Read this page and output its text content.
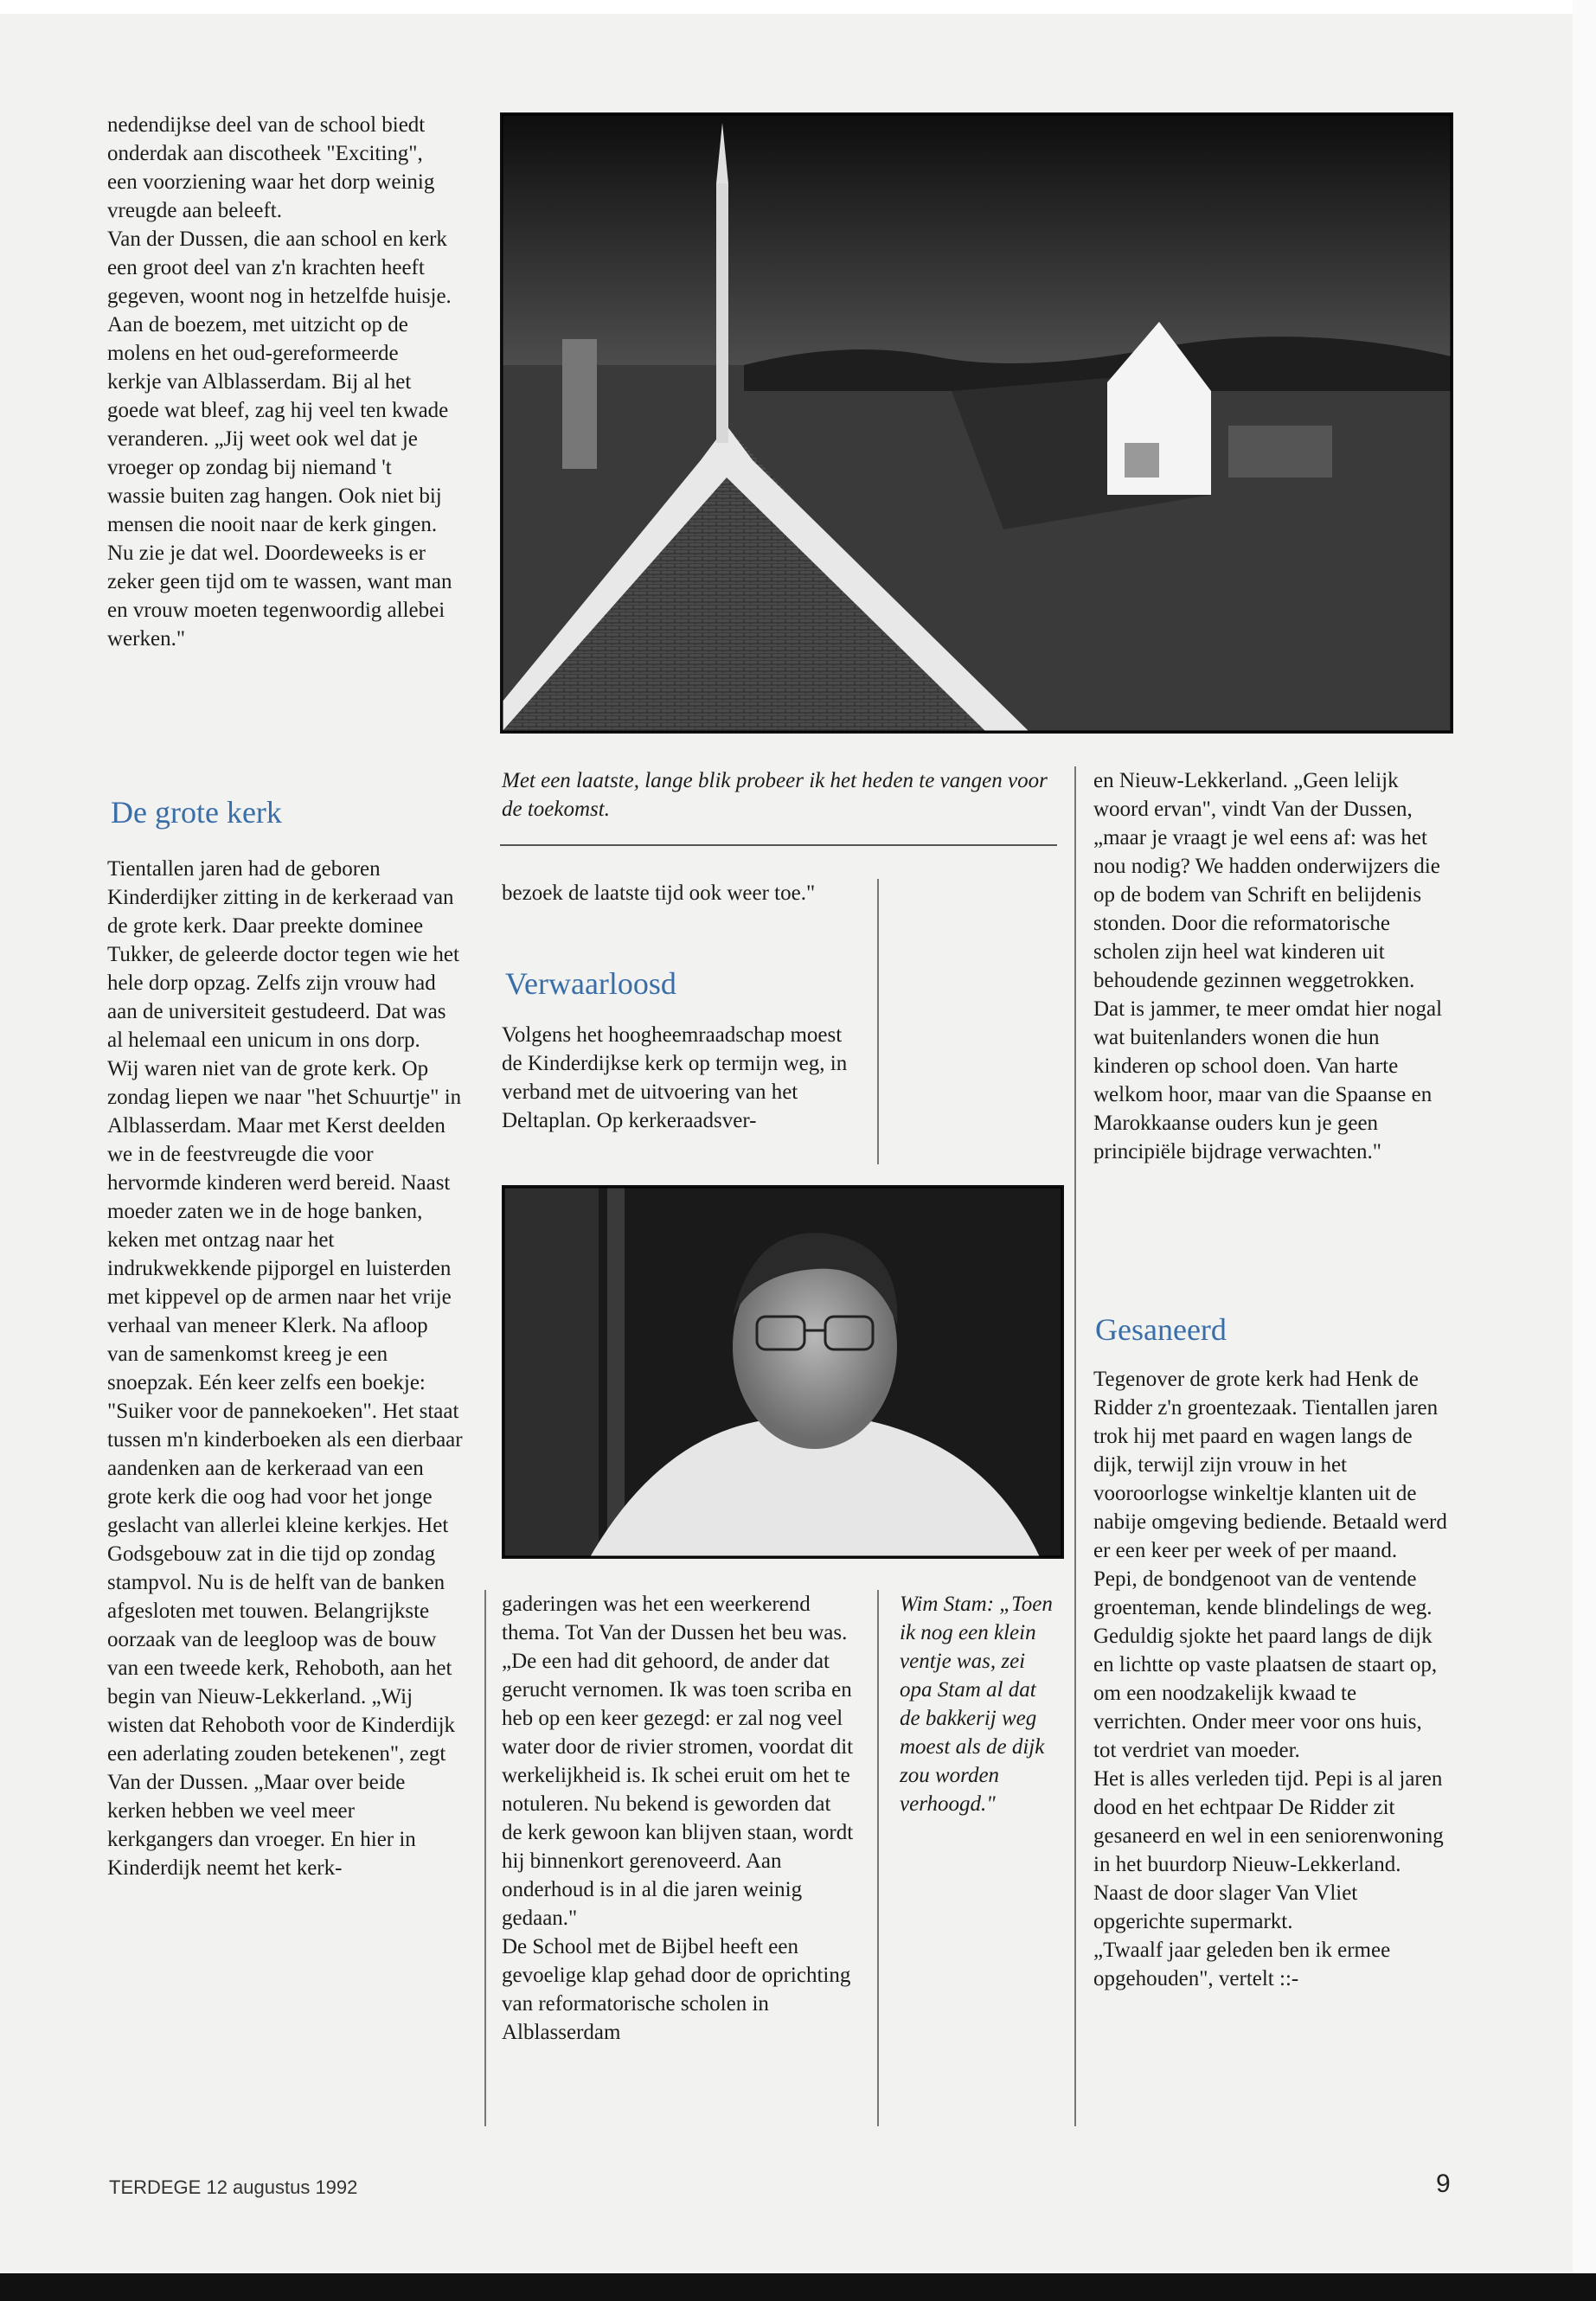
nedendijkse deel van de school biedt onderdak aan discotheek "Exciting", een voorziening waar het dorp weinig vreugde aan beleeft.

Van der Dussen, die aan school en kerk een groot deel van z'n krachten heeft gegeven, woont nog in hetzelfde huisje. Aan de boezem, met uitzicht op de molens en het oud-gereformeerde kerkje van Alblasserdam. Bij al het goede wat bleef, zag hij veel ten kwade veranderen. „Jij weet ook wel dat je vroeger op zondag bij niemand 't wassie buiten zag hangen. Ook niet bij mensen die nooit naar de kerk gingen. Nu zie je dat wel. Doordeweeks is er zeker geen tijd om te wassen, want man en vrouw moeten tegenwoordig allebei werken."

De grote kerk

Tientallen jaren had de geboren Kinderdijker zitting in de kerkeraad van de grote kerk. Daar preekte dominee Tukker, de geleerde doctor tegen wie het hele dorp opzag. Zelfs zijn vrouw had aan de universiteit gestudeerd. Dat was al helemaal een unicum in ons dorp.

Wij waren niet van de grote kerk. Op zondag liepen we naar "het Schuurtje" in Alblasserdam. Maar met Kerst deelden we in de feestvreugde die voor hervormde kinderen werd bereid. Naast moeder zaten we in de hoge banken, keken met ontzag naar het indrukwekkende pijporgel en luisterden met kippevel op de armen naar het vrije verhaal van meneer Klerk. Na afloop van de samenkomst kreeg je een snoepzak. Eén keer zelfs een boekje: "Suiker voor de pannekoeken". Het staat tussen m'n kinderboeken als een dierbaar aandenken aan de kerkeraad van een grote kerk die oog had voor het jonge geslacht van allerlei kleine kerkjes. Het Godsgebouw zat in die tijd op zondag stampvol. Nu is de helft van de banken afgesloten met touwen. Belangrijkste oorzaak van de leegloop was de bouw van een tweede kerk, Rehoboth, aan het begin van Nieuw-Lekkerland. „Wij wisten dat Rehoboth voor de Kinderdijk een aderlating zouden betekenen", zegt Van der Dussen. „Maar over beide kerken hebben we veel meer kerkgangers dan vroeger. En hier in Kinderdijk neemt het kerk-

Met een laatste, lange blik probeer ik het heden te vangen voor de toekomst.

bezoek de laatste tijd ook weer toe."

Verwaarloosd

Volgens het hoogheemraadschap moest de Kinderdijkse kerk op termijn weg, in verband met de uitvoering van het Deltaplan. Op kerkeraadsver-

gaderingen was het een weerkerend thema. Tot Van der Dussen het beu was. „De een had dit gehoord, de ander dat gerucht vernomen. Ik was toen scriba en heb op een keer gezegd: er zal nog veel water door de rivier stromen, voordat dit werkelijkheid is. Ik schei eruit om het te notuleren. Nu bekend is geworden dat de kerk gewoon kan blijven staan, wordt hij binnenkort gerenoveerd. Aan onderhoud is in al die jaren weinig gedaan."

De School met de Bijbel heeft een gevoelige klap gehad door de oprichting van reformatorische scholen in Alblasserdam

Wim Stam: „Toen ik nog een klein ventje was, zei opa Stam al dat de bakkerij weg moest als de dijk zou worden verhoogd."

en Nieuw-Lekkerland. „Geen lelijk woord ervan", vindt Van der Dussen, „maar je vraagt je wel eens af: was het nou nodig? We hadden onderwijzers die op de bodem van Schrift en belijdenis stonden. Door die reformatorische scholen zijn heel wat kinderen uit behoudende gezinnen weggetrokken. Dat is jammer, te meer omdat hier nogal wat buitenlanders wonen die hun kinderen op school doen. Van harte welkom hoor, maar van die Spaanse en Marokkaanse ouders kun je geen principiële bijdrage verwachten."

Gesaneerd

Tegenover de grote kerk had Henk de Ridder z'n groentezaak. Tientallen jaren trok hij met paard en wagen langs de dijk, terwijl zijn vrouw in het vooroorlogse winkeltje klanten uit de nabije omgeving bediende. Betaald werd er een keer per week of per maand.

Pepi, de bondgenoot van de ventende groenteman, kende blindelings de weg. Geduldig sjokte het paard langs de dijk en lichtte op vaste plaatsen de staart op, om een noodzakelijk kwaad te verrichten. Onder meer voor ons huis, tot verdriet van moeder.

Het is alles verleden tijd. Pepi is al jaren dood en het echtpaar De Ridder zit gesaneerd en wel in een seniorenwoning in het buurdorp Nieuw-Lekkerland. Naast de door slager Van Vliet opgerichte supermarkt.

„Twaalf jaar geleden ben ik ermee opgehouden", vertelt ::-

TERDEGE 12 augustus 1992	9
